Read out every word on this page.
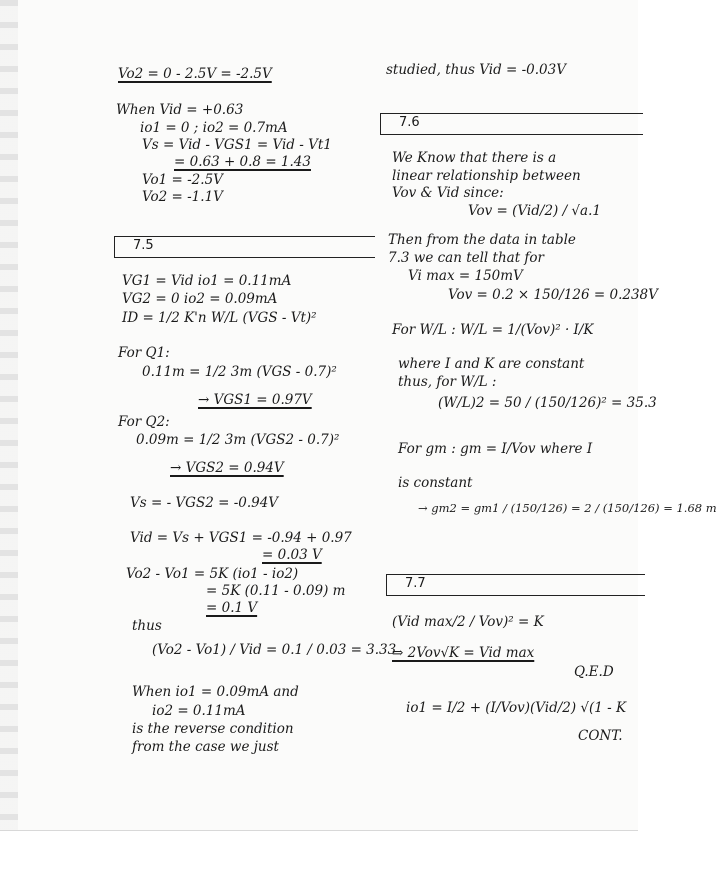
Vo2 = 0 - 2.5V = -2.5V
When Vid = +0.63
io1 = 0 ; io2 = 0.7mA
Vs = Vid - VGS1 = Vid - Vt1
= 0.63 + 0.8 = 1.43
Vo1 = -2.5V
Vo2 = -1.1V
7.5
VG1 = Vid io1 = 0.11mA
VG2 = 0 io2 = 0.09mA
ID = 1/2 K'n W/L (VGS - Vt)²
For Q1:
0.11m = 1/2 3m (VGS - 0.7)²
→ VGS1 = 0.97V
For Q2:
0.09m = 1/2 3m (VGS2 - 0.7)²
→ VGS2 = 0.94V
Vs = - VGS2 = -0.94V
Vid = Vs + VGS1 = -0.94 + 0.97
= 0.03 V
Vo2 - Vo1 = 5K (io1 - io2)
= 5K (0.11 - 0.09) m
= 0.1 V
thus
(Vo2 - Vo1) / Vid = 0.1 / 0.03 = 3.33
When io1 = 0.09mA and
io2 = 0.11mA
is the reverse condition
from the case we just
studied, thus Vid = -0.03V
7.6
We Know that there is a
linear relationship between
Vov & Vid since:
Vov = (Vid/2) / √a.1
Then from the data in table
7.3 we can tell that for
Vi max = 150mV
Vov = 0.2 × 150/126 = 0.238V
For W/L : W/L = 1/(Vov)² · I/K
where I and K are constant
thus, for W/L :
(W/L)2 = 50 / (150/126)² = 35.3
For gm : gm = I/Vov where I
is constant
→ gm2 = gm1 / (150/126) = 2 / (150/126) = 1.68 m
7.7
(Vid max/2 / Vov)² = K
⇒ 2Vov√K = Vid max
Q.E.D
io1 = I/2 + (I/Vov)(Vid/2) √(1 - K
CONT.
